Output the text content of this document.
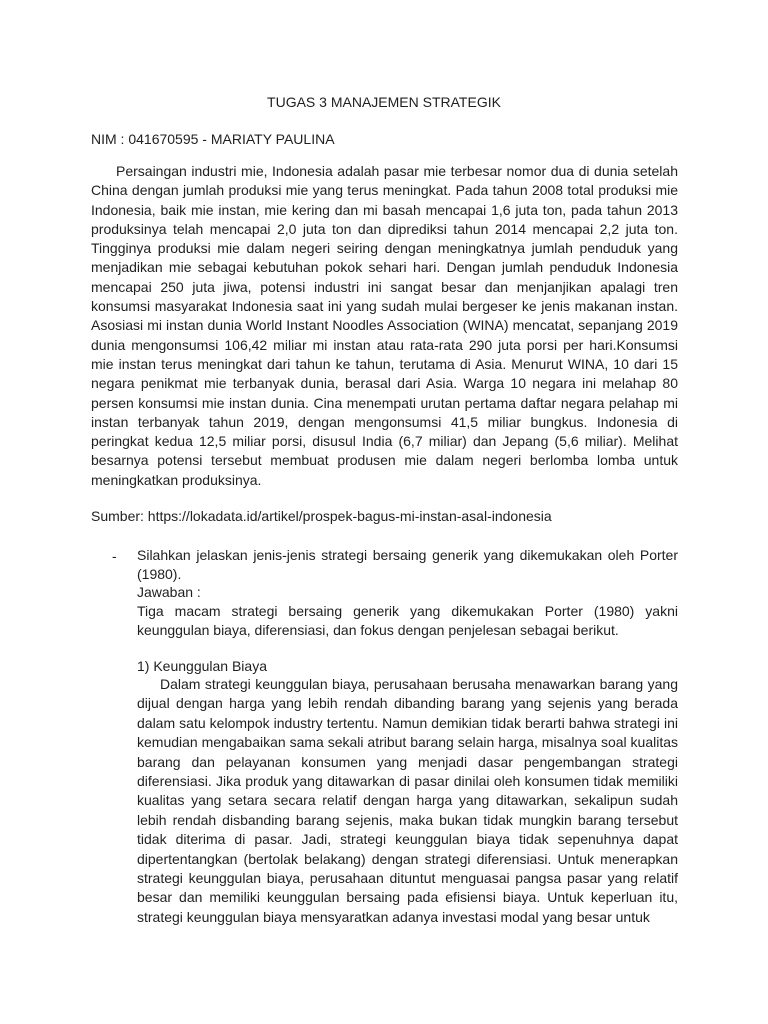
TUGAS 3 MANAJEMEN STRATEGIK
NIM : 041670595 - MARIATY PAULINA

Persaingan industri mie, Indonesia adalah pasar mie terbesar nomor dua di dunia setelah China dengan jumlah produksi mie yang terus meningkat. Pada tahun 2008 total produksi mie Indonesia, baik mie instan, mie kering dan mi basah mencapai 1,6 juta ton, pada tahun 2013 produksinya telah mencapai 2,0 juta ton dan diprediksi tahun 2014 mencapai 2,2 juta ton. Tingginya produksi mie dalam negeri seiring dengan meningkatnya jumlah penduduk yang menjadikan mie sebagai kebutuhan pokok sehari hari. Dengan jumlah penduduk Indonesia mencapai 250 juta jiwa, potensi industri ini sangat besar dan menjanjikan apalagi tren konsumsi masyarakat Indonesia saat ini yang sudah mulai bergeser ke jenis makanan instan. Asosiasi mi instan dunia World Instant Noodles Association (WINA) mencatat, sepanjang 2019 dunia mengonsumsi 106,42 miliar mi instan atau rata-rata 290 juta porsi per hari.Konsumsi mie instan terus meningkat dari tahun ke tahun, terutama di Asia. Menurut WINA, 10 dari 15 negara penikmat mie terbanyak dunia, berasal dari Asia. Warga 10 negara ini melahap 80 persen konsumsi mie instan dunia. Cina menempati urutan pertama daftar negara pelahap mi instan terbanyak tahun 2019, dengan mengonsumsi 41,5 miliar bungkus. Indonesia di peringkat kedua 12,5 miliar porsi, disusul India (6,7 miliar) dan Jepang (5,6 miliar). Melihat besarnya potensi tersebut membuat produsen mie dalam negeri berlomba lomba untuk meningkatkan produksinya.

Sumber: https://lokadata.id/artikel/prospek-bagus-mi-instan-asal-indonesia
- Silahkan jelaskan jenis-jenis strategi bersaing generik yang dikemukakan oleh Porter (1980).

Jawaban :

Tiga macam strategi bersaing generik yang dikemukakan Porter (1980) yakni keunggulan biaya, diferensiasi, dan fokus dengan penjelesan sebagai berikut.

1) Keunggulan Biaya

Dalam strategi keunggulan biaya, perusahaan berusaha menawarkan barang yang dijual dengan harga yang lebih rendah dibanding barang yang sejenis yang berada dalam satu kelompok industry tertentu. Namun demikian tidak berarti bahwa strategi ini kemudian mengabaikan sama sekali atribut barang selain harga, misalnya soal kualitas barang dan pelayanan konsumen yang menjadi dasar pengembangan strategi diferensiasi. Jika produk yang ditawarkan di pasar dinilai oleh konsumen tidak memiliki kualitas yang setara secara relatif dengan harga yang ditawarkan, sekalipun sudah lebih rendah disbanding barang sejenis, maka bukan tidak mungkin barang tersebut tidak diterima di pasar. Jadi, strategi keunggulan biaya tidak sepenuhnya dapat dipertentangkan (bertolak belakang) dengan strategi diferensiasi. Untuk menerapkan strategi keunggulan biaya, perusahaan dituntut menguasai pangsa pasar yang relatif besar dan memiliki keunggulan bersaing pada efisiensi biaya. Untuk keperluan itu, strategi keunggulan biaya mensyaratkan adanya investasi modal yang besar untuk
